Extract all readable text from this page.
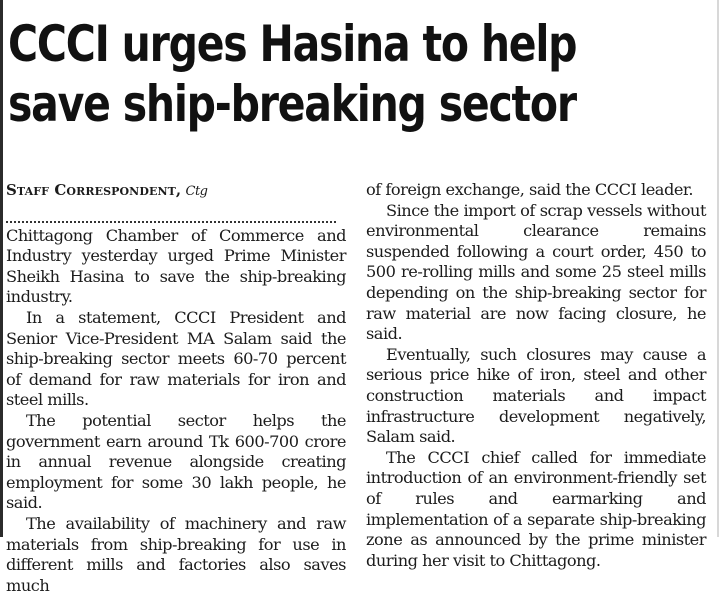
CCCI urges Hasina to help
save ship-breaking sector

Staff Correspondent, Ctg

Chittagong Chamber of Commerce and Industry yesterday urged Prime Minister Sheikh Hasina to save the ship-breaking industry.

In a statement, CCCI President and Senior Vice-President MA Salam said the ship-breaking sector meets 60-70 percent of demand for raw materials for iron and steel mills.

The potential sector helps the government earn around Tk 600-700 crore in annual revenue alongside creating employment for some 30 lakh people, he said.

The availability of machinery and raw materials from ship-breaking for use in different mills and factories also saves much

of foreign exchange, said the CCCI leader.

Since the import of scrap vessels without environmental clearance remains suspended following a court order, 450 to 500 re-rolling mills and some 25 steel mills depending on the ship-breaking sector for raw material are now facing closure, he said.

Eventually, such closures may cause a serious price hike of iron, steel and other construction materials and impact infrastructure development negatively, Salam said.

The CCCI chief called for immediate introduction of an environment-friendly set of rules and earmarking and implementation of a separate ship-breaking zone as announced by the prime minister during her visit to Chittagong.
